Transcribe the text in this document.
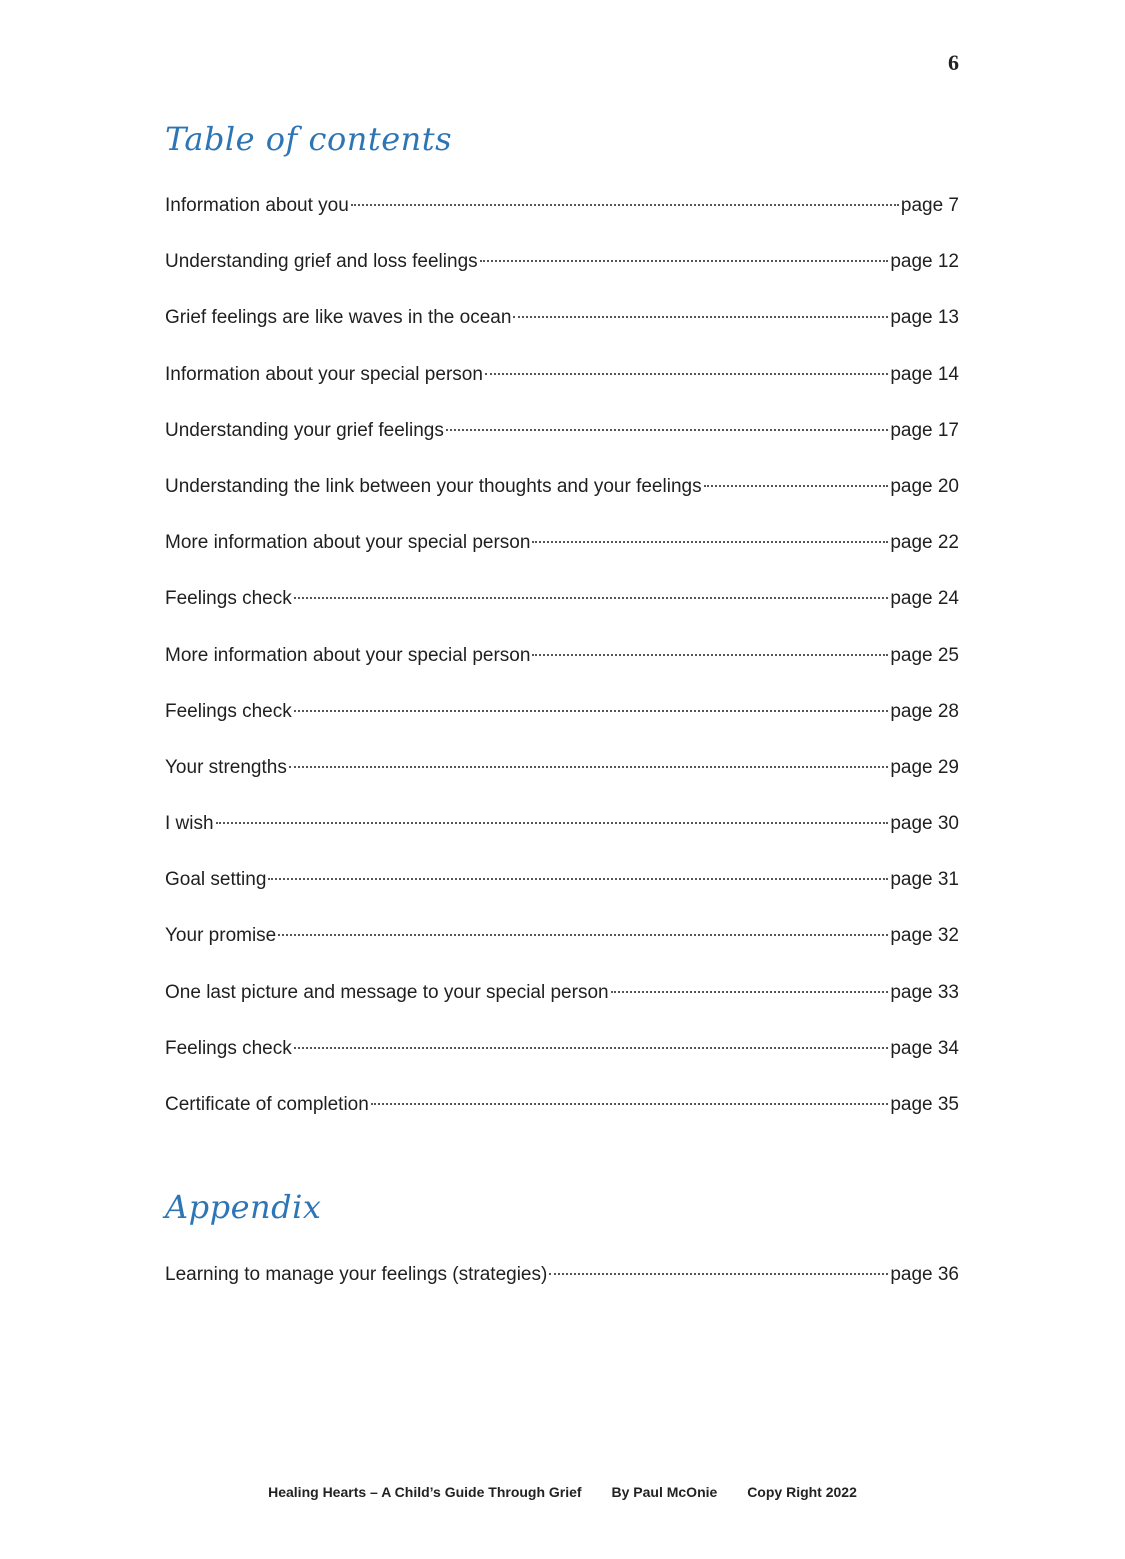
6
Table of contents
Information about you	page 7
Understanding grief and loss feelings	page 12
Grief feelings are like waves in the ocean	page 13
Information about your special person	page 14
Understanding your grief feelings	page 17
Understanding the link between your thoughts and your feelings	page 20
More information about your special person	page 22
Feelings check	page 24
More information about your special person	page 25
Feelings check	page 28
Your strengths	page 29
I wish	page 30
Goal setting	page 31
Your promise	page 32
One last picture and message to your special person	page 33
Feelings check	page 34
Certificate of completion	page 35
Appendix
Learning to manage your feelings (strategies)	page 36
Healing Hearts – A Child’s Guide Through Grief By Paul McOnie Copy Right 2022
